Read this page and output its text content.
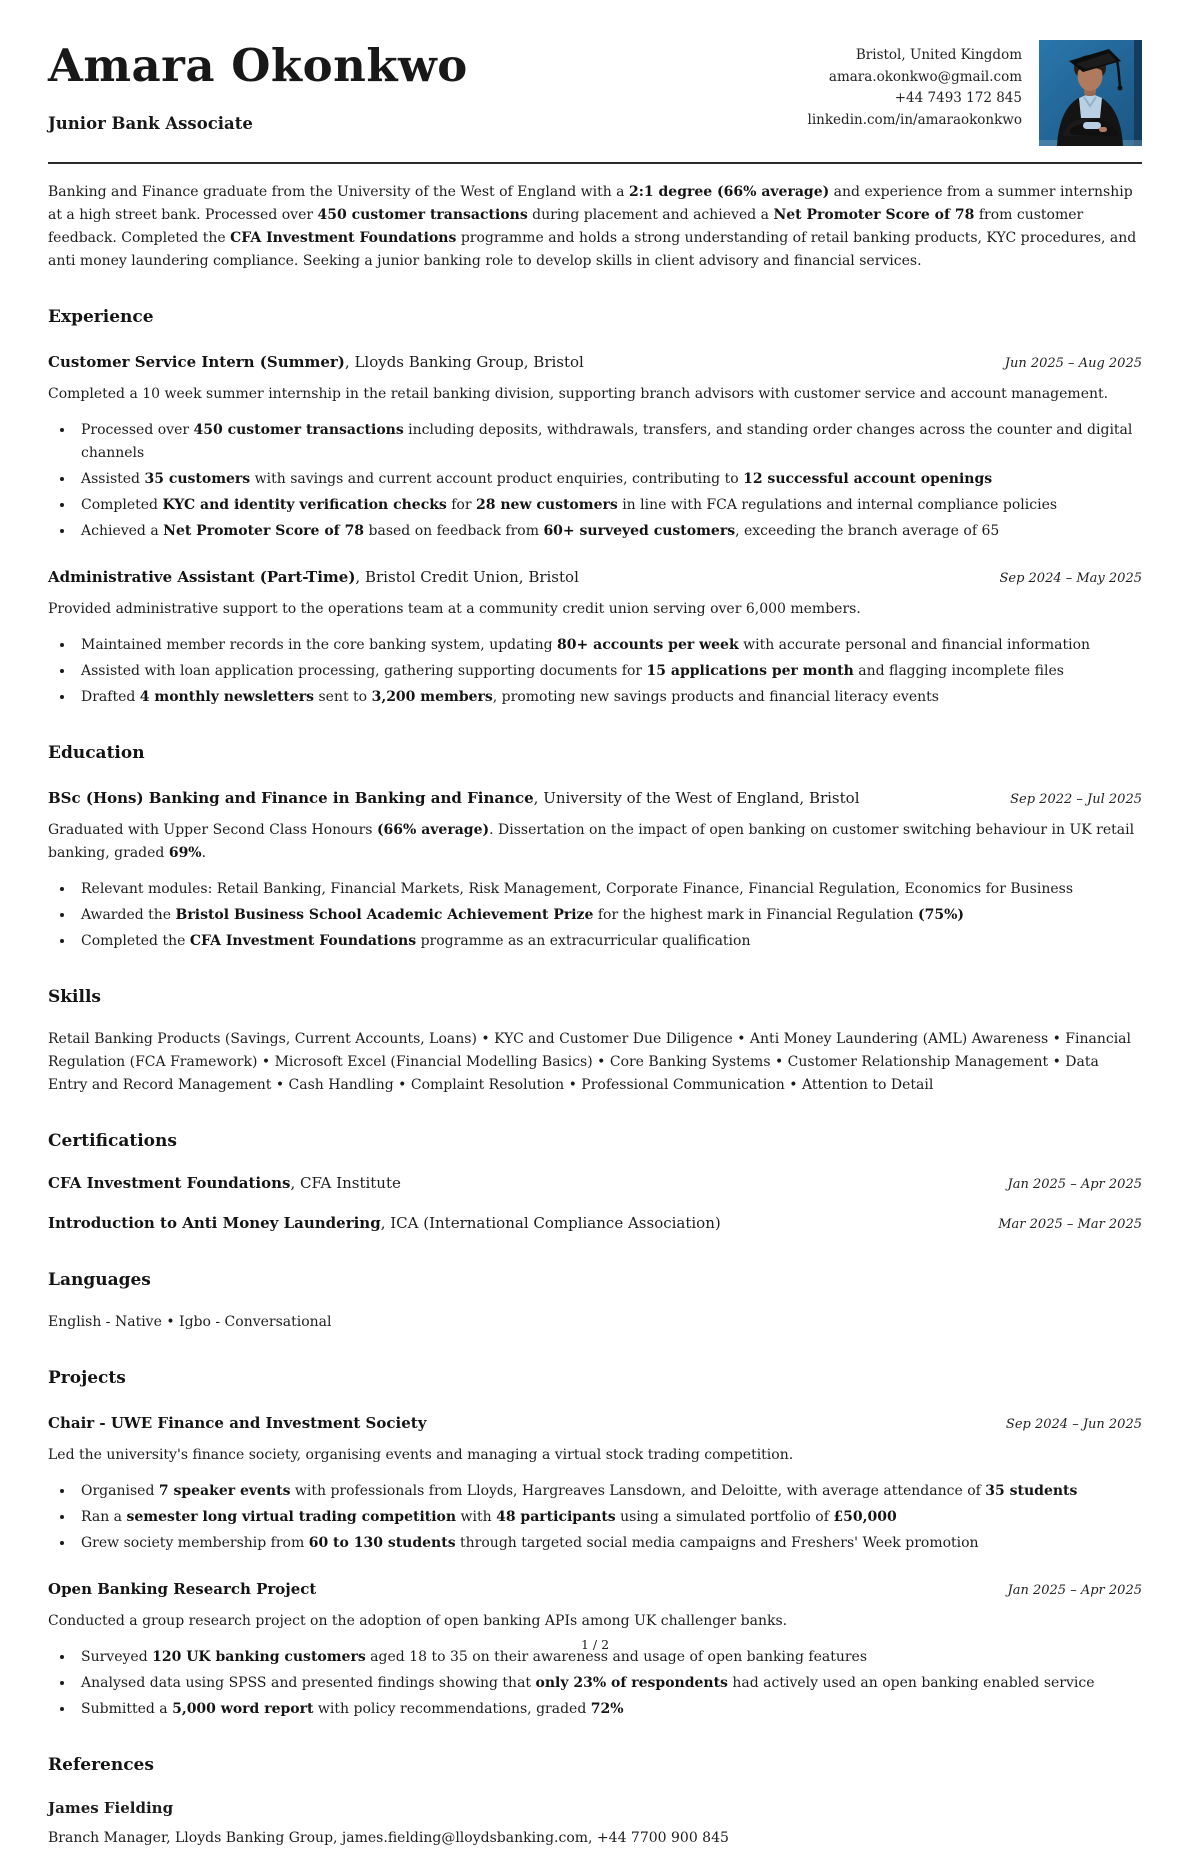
Amara Okonkwo
Junior Bank Associate
Bristol, United Kingdom
amara.okonkwo@gmail.com
+44 7493 172 845
linkedin.com/in/amaraokonkwo

Banking and Finance graduate from the University of the West of England with a 2:1 degree (66% average) and experience from a summer internship at a high street bank. Processed over 450 customer transactions during placement and achieved a Net Promoter Score of 78 from customer feedback. Completed the CFA Investment Foundations programme and holds a strong understanding of retail banking products, KYC procedures, and anti money laundering compliance. Seeking a junior banking role to develop skills in client advisory and financial services.

Experience
Customer Service Intern (Summer), Lloyds Banking Group, Bristol	Jun 2025 – Aug 2025

Completed a 10 week summer internship in the retail banking division, supporting branch advisors with customer service and account management.

• Processed over 450 customer transactions including deposits, withdrawals, transfers, and standing order changes across the counter and digital channels
• Assisted 35 customers with savings and current account product enquiries, contributing to 12 successful account openings
• Completed KYC and identity verification checks for 28 new customers in line with FCA regulations and internal compliance policies
• Achieved a Net Promoter Score of 78 based on feedback from 60+ surveyed customers, exceeding the branch average of 65
Administrative Assistant (Part-Time), Bristol Credit Union, Bristol	Sep 2024 – May 2025

Provided administrative support to the operations team at a community credit union serving over 6,000 members.

• Maintained member records in the core banking system, updating 80+ accounts per week with accurate personal and financial information
• Assisted with loan application processing, gathering supporting documents for 15 applications per month and flagging incomplete files
• Drafted 4 monthly newsletters sent to 3,200 members, promoting new savings products and financial literacy events
Education
BSc (Hons) Banking and Finance in Banking and Finance, University of the West of England, Bristol	Sep 2022 – Jul 2025

Graduated with Upper Second Class Honours (66% average). Dissertation on the impact of open banking on customer switching behaviour in UK retail banking, graded 69%.

• Relevant modules: Retail Banking, Financial Markets, Risk Management, Corporate Finance, Financial Regulation, Economics for Business
• Awarded the Bristol Business School Academic Achievement Prize for the highest mark in Financial Regulation (75%)
• Completed the CFA Investment Foundations programme as an extracurricular qualification
Skills

Retail Banking Products (Savings, Current Accounts, Loans) • KYC and Customer Due Diligence • Anti Money Laundering (AML) Awareness • Financial Regulation (FCA Framework) • Microsoft Excel (Financial Modelling Basics) • Core Banking Systems • Customer Relationship Management • Data Entry and Record Management • Cash Handling • Complaint Resolution • Professional Communication • Attention to Detail

Certifications
CFA Investment Foundations, CFA Institute	Jan 2025 – Apr 2025
Introduction to Anti Money Laundering, ICA (International Compliance Association)	Mar 2025 – Mar 2025
Languages

English - Native • Igbo - Conversational

Projects
Chair - UWE Finance and Investment Society	Sep 2024 – Jun 2025

Led the university's finance society, organising events and managing a virtual stock trading competition.

• Organised 7 speaker events with professionals from Lloyds, Hargreaves Lansdown, and Deloitte, with average attendance of 35 students
• Ran a semester long virtual trading competition with 48 participants using a simulated portfolio of £50,000
• Grew society membership from 60 to 130 students through targeted social media campaigns and Freshers' Week promotion
Open Banking Research Project	Jan 2025 – Apr 2025

Conducted a group research project on the adoption of open banking APIs among UK challenger banks.

• Surveyed 120 UK banking customers aged 18 to 35 on their awareness and usage of open banking features
• Analysed data using SPSS and presented findings showing that only 23% of respondents had actively used an open banking enabled service
• Submitted a 5,000 word report with policy recommendations, graded 72%
References
James Fielding

Branch Manager, Lloyds Banking Group, james.fielding@lloydsbanking.com, +44 7700 900 845

1 / 2
